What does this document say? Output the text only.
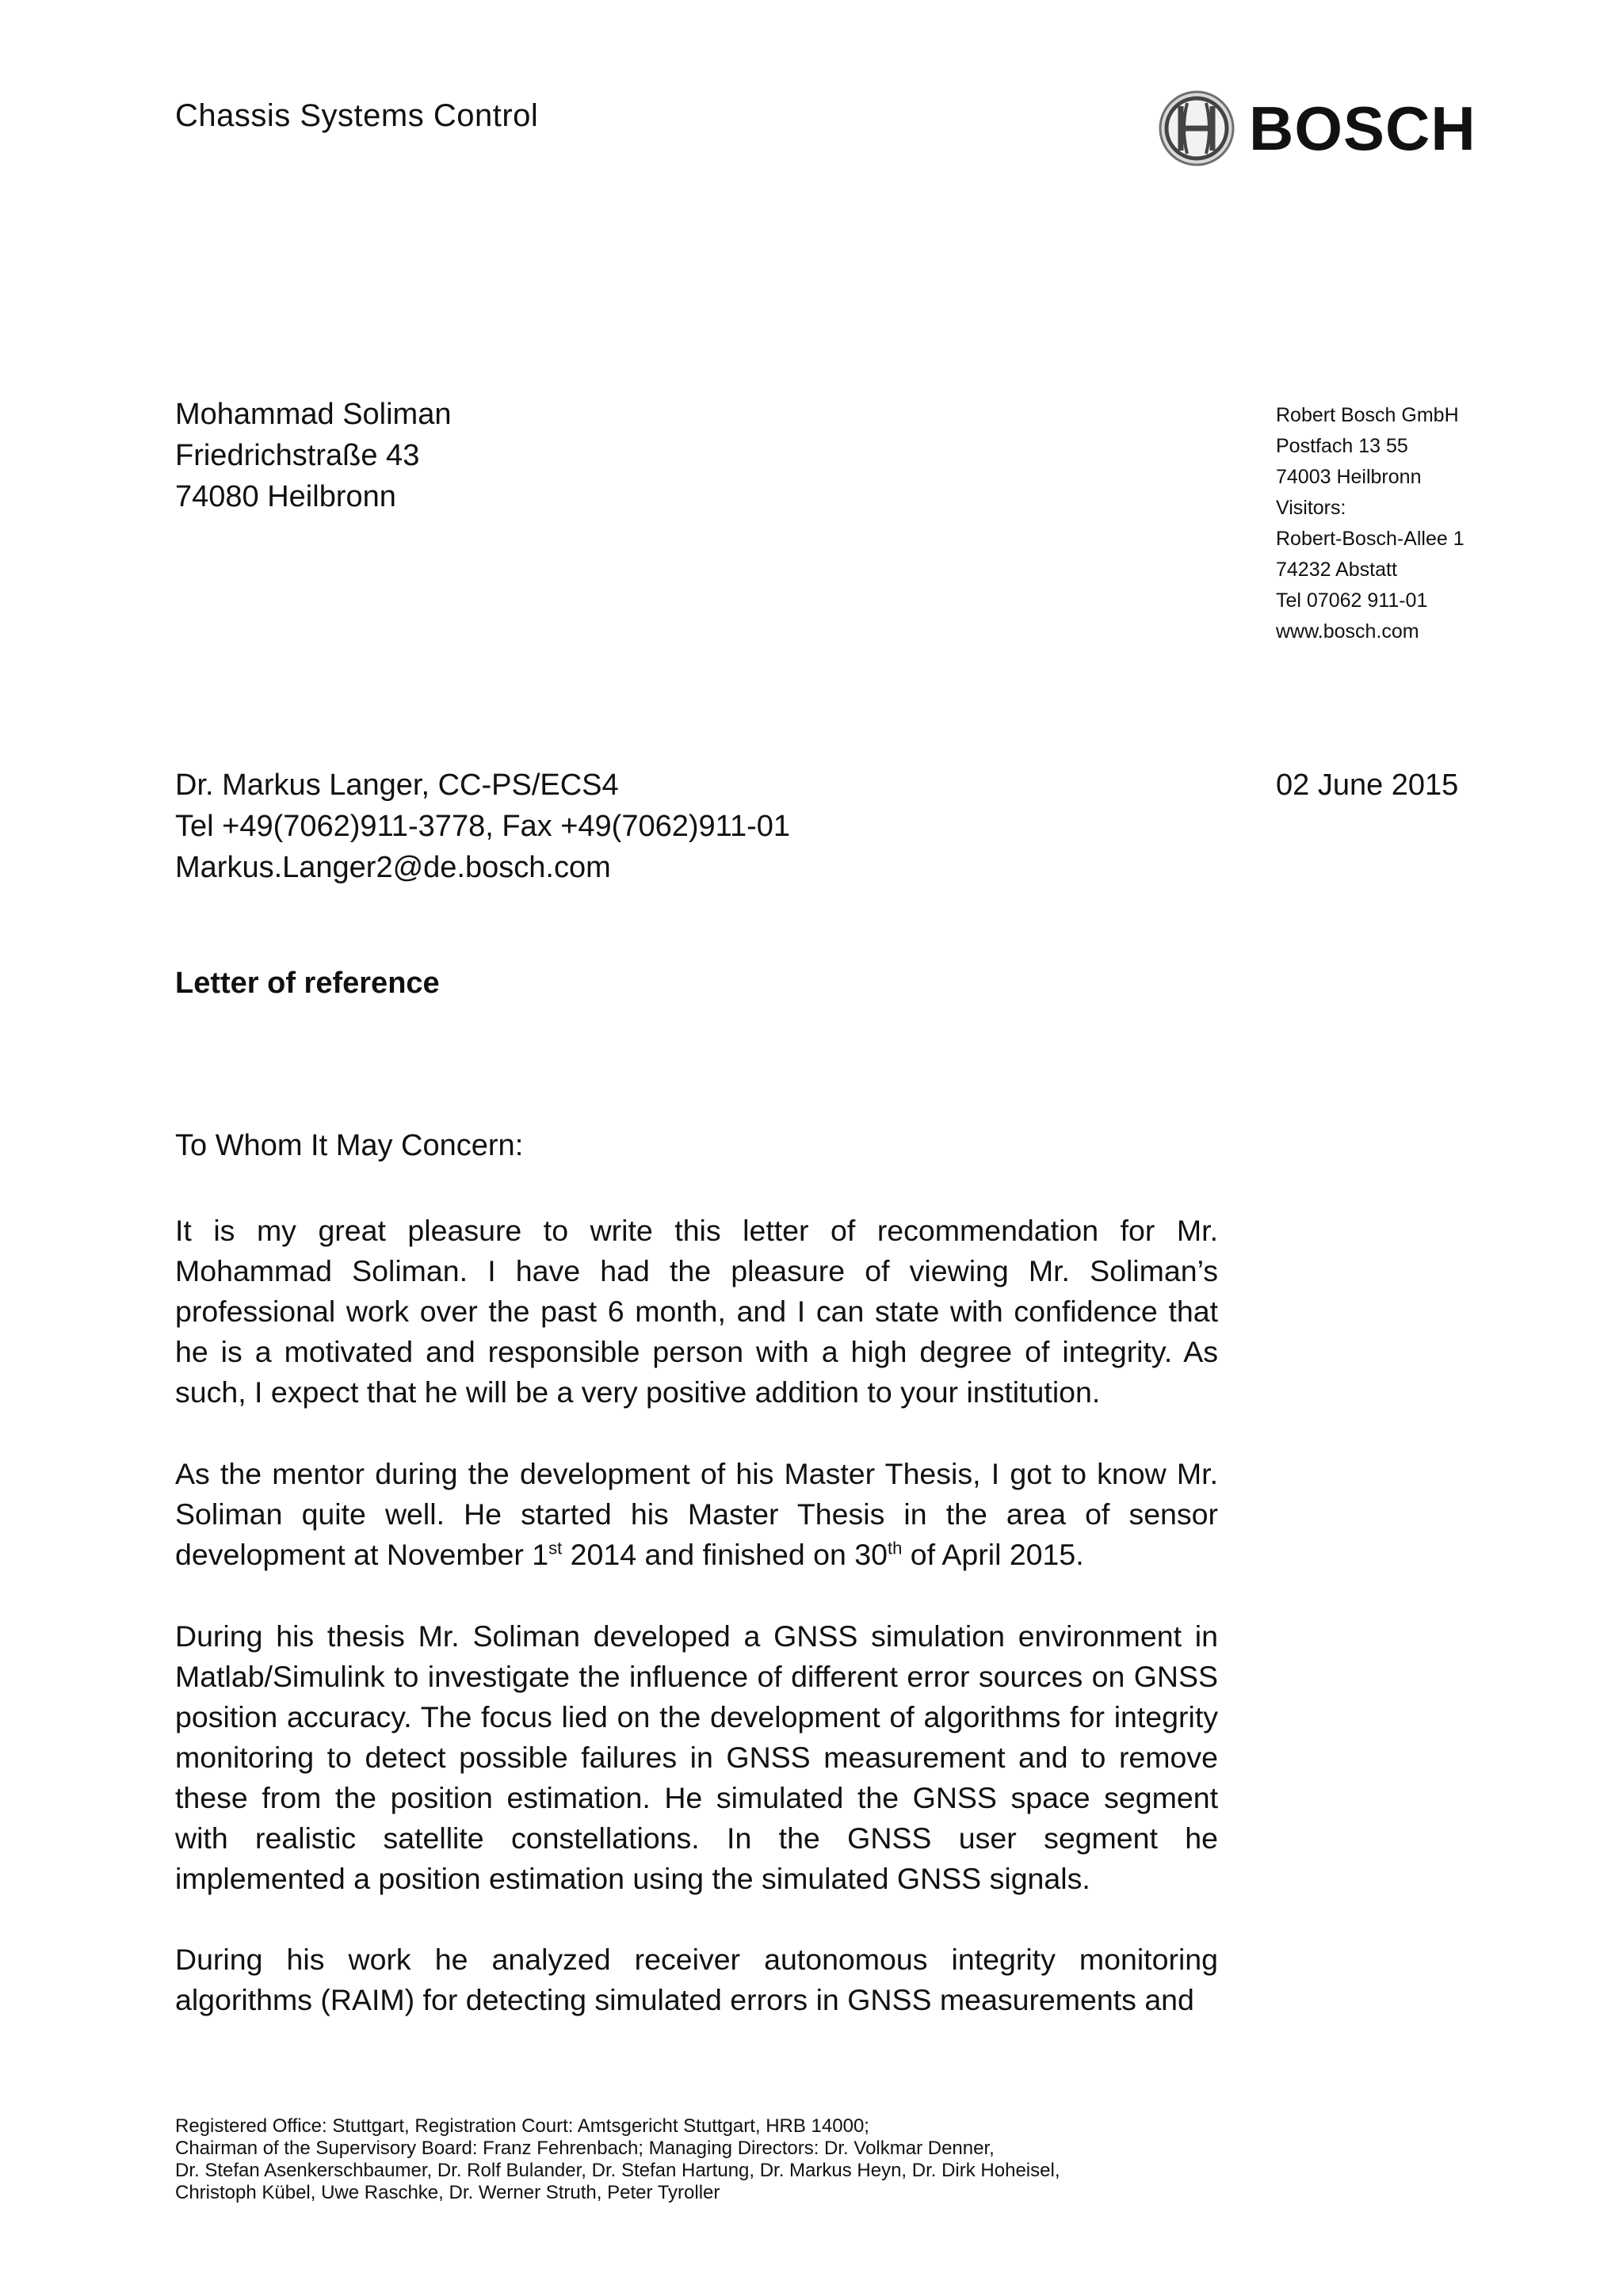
Chassis Systems Control	BOSCH
Mohammad Soliman
Friedrichstraße 43
74080 Heilbronn
Robert Bosch GmbH
Postfach 13 55
74003 Heilbronn
Visitors:
Robert-Bosch-Allee 1
74232 Abstatt
Tel 07062 911-01
www.bosch.com
Dr. Markus Langer, CC-PS/ECS4
Tel +49(7062)911-3778, Fax +49(7062)911-01
Markus.Langer2@de.bosch.com
02 June 2015
Letter of reference
To Whom It May Concern:
It is my great pleasure to write this letter of recommendation for Mr. Mohammad Soliman. I have had the pleasure of viewing Mr. Soliman’s professional work over the past 6 month, and I can state with confidence that he is a motivated and responsible person with a high degree of integrity. As such, I expect that he will be a very positive addition to your institution.
As the mentor during the development of his Master Thesis, I got to know Mr. Soliman quite well. He started his Master Thesis in the area of sensor development at November 1st 2014 and finished on 30th of April 2015.
During his thesis Mr. Soliman developed a GNSS simulation environment in Matlab/Simulink to investigate the influence of different error sources on GNSS position accuracy. The focus lied on the development of algorithms for integrity monitoring to detect possible failures in GNSS measurement and to remove these from the position estimation. He simulated the GNSS space segment with realistic satellite constellations. In the GNSS user segment he implemented a position estimation using the simulated GNSS signals.
During his work he analyzed receiver autonomous integrity monitoring algorithms (RAIM) for detecting simulated errors in GNSS measurements and
Registered Office: Stuttgart, Registration Court: Amtsgericht Stuttgart, HRB 14000;
Chairman of the Supervisory Board: Franz Fehrenbach; Managing Directors: Dr. Volkmar Denner,
Dr. Stefan Asenkerschbaumer, Dr. Rolf Bulander, Dr. Stefan Hartung, Dr. Markus Heyn, Dr. Dirk Hoheisel,
Christoph Kübel, Uwe Raschke, Dr. Werner Struth, Peter Tyroller
